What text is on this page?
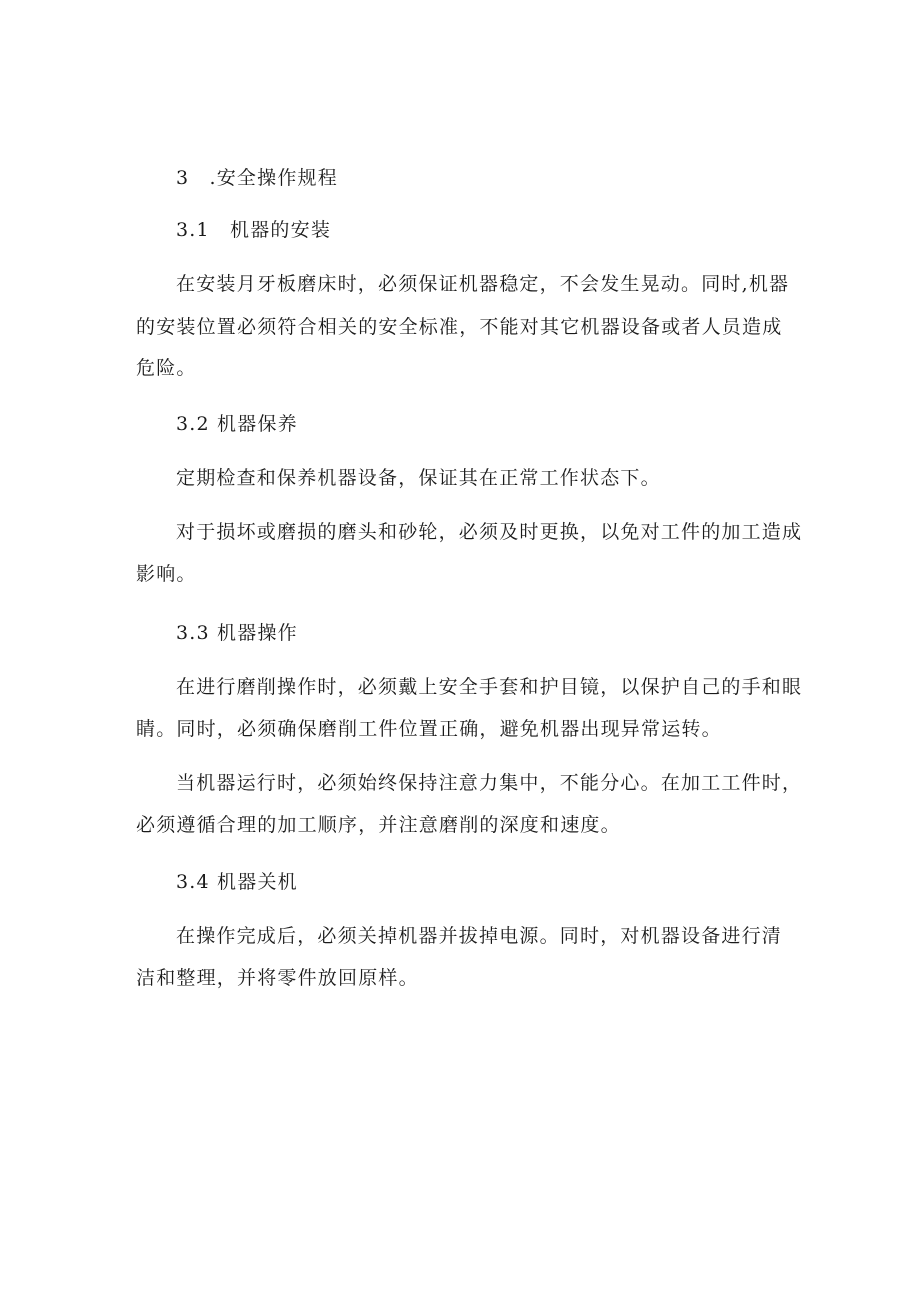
3　.安全操作规程
3.1　机器的安装
在安装月牙板磨床时，必须保证机器稳定，不会发生晃动。同时,机器
的安装位置必须符合相关的安全标准，不能对其它机器设备或者人员造成
危险。
3.2 机器保养
定期检查和保养机器设备，保证其在正常工作状态下。
对于损坏或磨损的磨头和砂轮，必须及时更换，以免对工件的加工造成
影响。
3.3 机器操作
在进行磨削操作时，必须戴上安全手套和护目镜，以保护自己的手和眼
睛。同时，必须确保磨削工件位置正确，避免机器出现异常运转。
当机器运行时，必须始终保持注意力集中，不能分心。在加工工件时，
必须遵循合理的加工顺序，并注意磨削的深度和速度。
3.4 机器关机
在操作完成后，必须关掉机器并拔掉电源。同时，对机器设备进行清
洁和整理，并将零件放回原样。
